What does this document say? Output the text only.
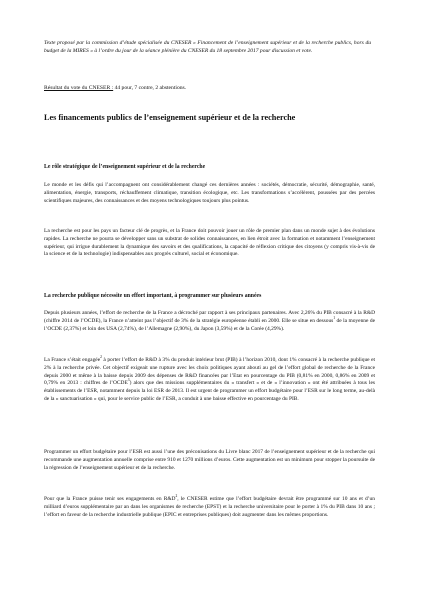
Texte proposé par la commission d’étude spécialisée du CNESER « Financement de l’enseignement supérieur et de la recherche publics, hors du budget de la MIRES » à l’ordre du jour de la séance plénière du CNESER du 18 septembre 2017 pour discussion et vote.

Résultat du vote du CNESER : 44 pour, 7 contre, 2 abstentions.

Les financements publics de l’enseignement supérieur et de la recherche
Le rôle stratégique de l’enseignement supérieur et de la recherche

Le monde et les défis qui l’accompagnent ont considérablement changé ces dernières années : sociétés, démocratie, sécurité, démographie, santé, alimentation, énergie, transports, réchauffement climatique, transition écologique, etc. Les transformations s’accélèrent, poussées par des percées scientifiques majeures, des connaissances et des moyens technologiques toujours plus pointus.

La recherche est pour les pays un facteur clé de progrès, et la France doit pouvoir jouer un rôle de premier plan dans un monde sujet à des évolutions rapides. La recherche ne pourra se développer sans un substrat de solides connaissances, en lien étroit avec la formation et notamment l’enseignement supérieur, qui irrigue durablement la dynamique des savoirs et des qualifications, la capacité de réflexion critique des citoyens (y compris vis-à-vis de la science et de la technologie) indispensables aux progrès culturel, social et économique.

La recherche publique nécessite un effort important, à programmer sur plusieurs années

Depuis plusieurs années, l’effort de recherche de la France a décroché par rapport à ses principaux partenaires. Avec 2,26% du PIB consacré à la R&D (chiffre 2014 de l’OCDE), la France n’atteint pas l’objectif de 3% de la stratégie européenne établi en 2000. Elle se situe en dessous$^1$ de la moyenne de l’OCDE (2,37%) et loin des USA (2,74%), de l’Allemagne (2,90%), du Japon (3,59%) et de la Corée (4,29%).

La France s’était engagée$^2$ à porter l’effort de R&D à 3% du produit intérieur brut (PIB) à l’horizon 2010, dont 1% consacré à la recherche publique et 2% à la recherche privée. Cet objectif exigeait une rupture avec les choix politiques ayant abouti au gel de l’effort global de recherche de la France depuis 2000 et même à la baisse depuis 2009 des dépenses de R&D financées par l’Etat en pourcentage du PIB (0,81% en 2000, 0,86% en 2009 et 0,79% en 2013 : chiffres de l’OCDE$^3$) alors que des missions supplémentaires du « transfert » et de « l’innovation » ont été attribuées à tous les établissements de l’ESR, notamment depuis la loi ESR de 2013. Il est urgent de programmer un effort budgétaire pour l’ESR sur le long terme, au-delà de la « sanctuarisation » qui, pour le service public de l’ESR, a conduit à une baisse effective en pourcentage du PIB.

Programmer un effort budgétaire pour l’ESR est aussi l’une des préconisations du Livre blanc 2017 de l’enseignement supérieur et de la recherche qui recommande une augmentation annuelle comprise entre 910 et 1270 millions d’euros. Cette augmentation est un minimum pour stopper la poursuite de la régression de l’enseignement supérieur et de la recherche.

Pour que la France puisse tenir ses engagements en $R\&D^2$, le CNESER estime que l’effort budgétaire devrait être programmé sur 10 ans et d’un milliard d’euros supplémentaire par an dans les organismes de recherche (EPST) et la recherche universitaire pour le porter à 1% du PIB dans 10 ans ; l’effort en faveur de la recherche industrielle publique (EPIC et entreprises publiques) doit augmenter dans les mêmes proportions.
